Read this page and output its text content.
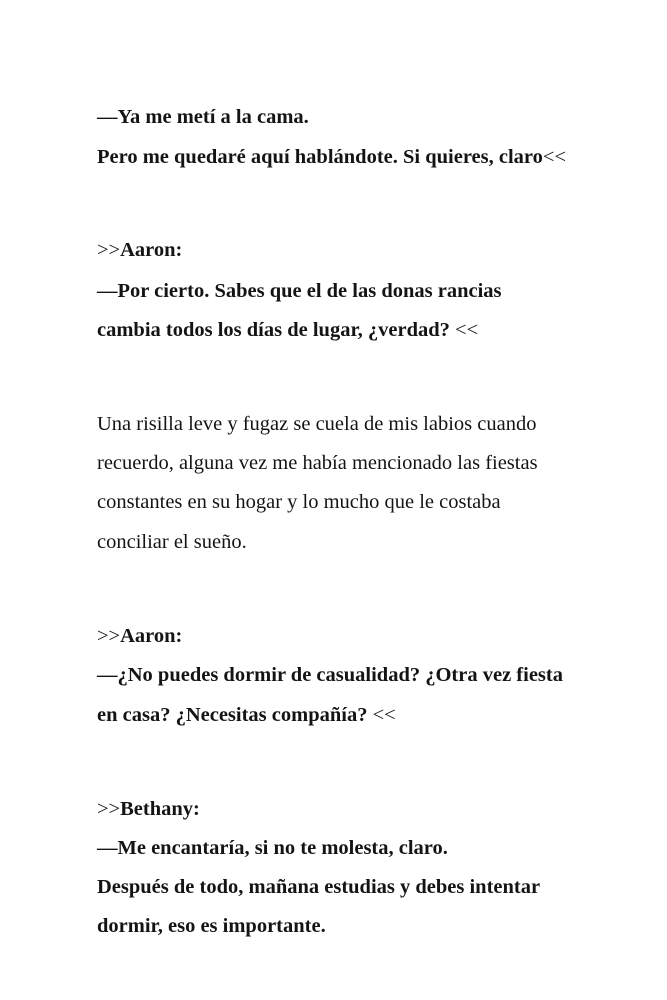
—Ya me metí a la cama.
Pero me quedaré aquí hablándote. Si quieres, claro<<
>>Aaron:
—Por cierto. Sabes que el de las donas rancias
cambia todos los días de lugar, ¿verdad? <<
Una risilla leve y fugaz se cuela de mis labios cuando
recuerdo, alguna vez me había mencionado las fiestas
constantes en su hogar y lo mucho que le costaba
conciliar el sueño.
>>Aaron:
—¿No puedes dormir de casualidad? ¿Otra vez fiesta
en casa? ¿Necesitas compañía? <<
>>Bethany:
—Me encantaría, si no te molesta, claro.
Después de todo, mañana estudias y debes intentar
dormir, eso es importante.
